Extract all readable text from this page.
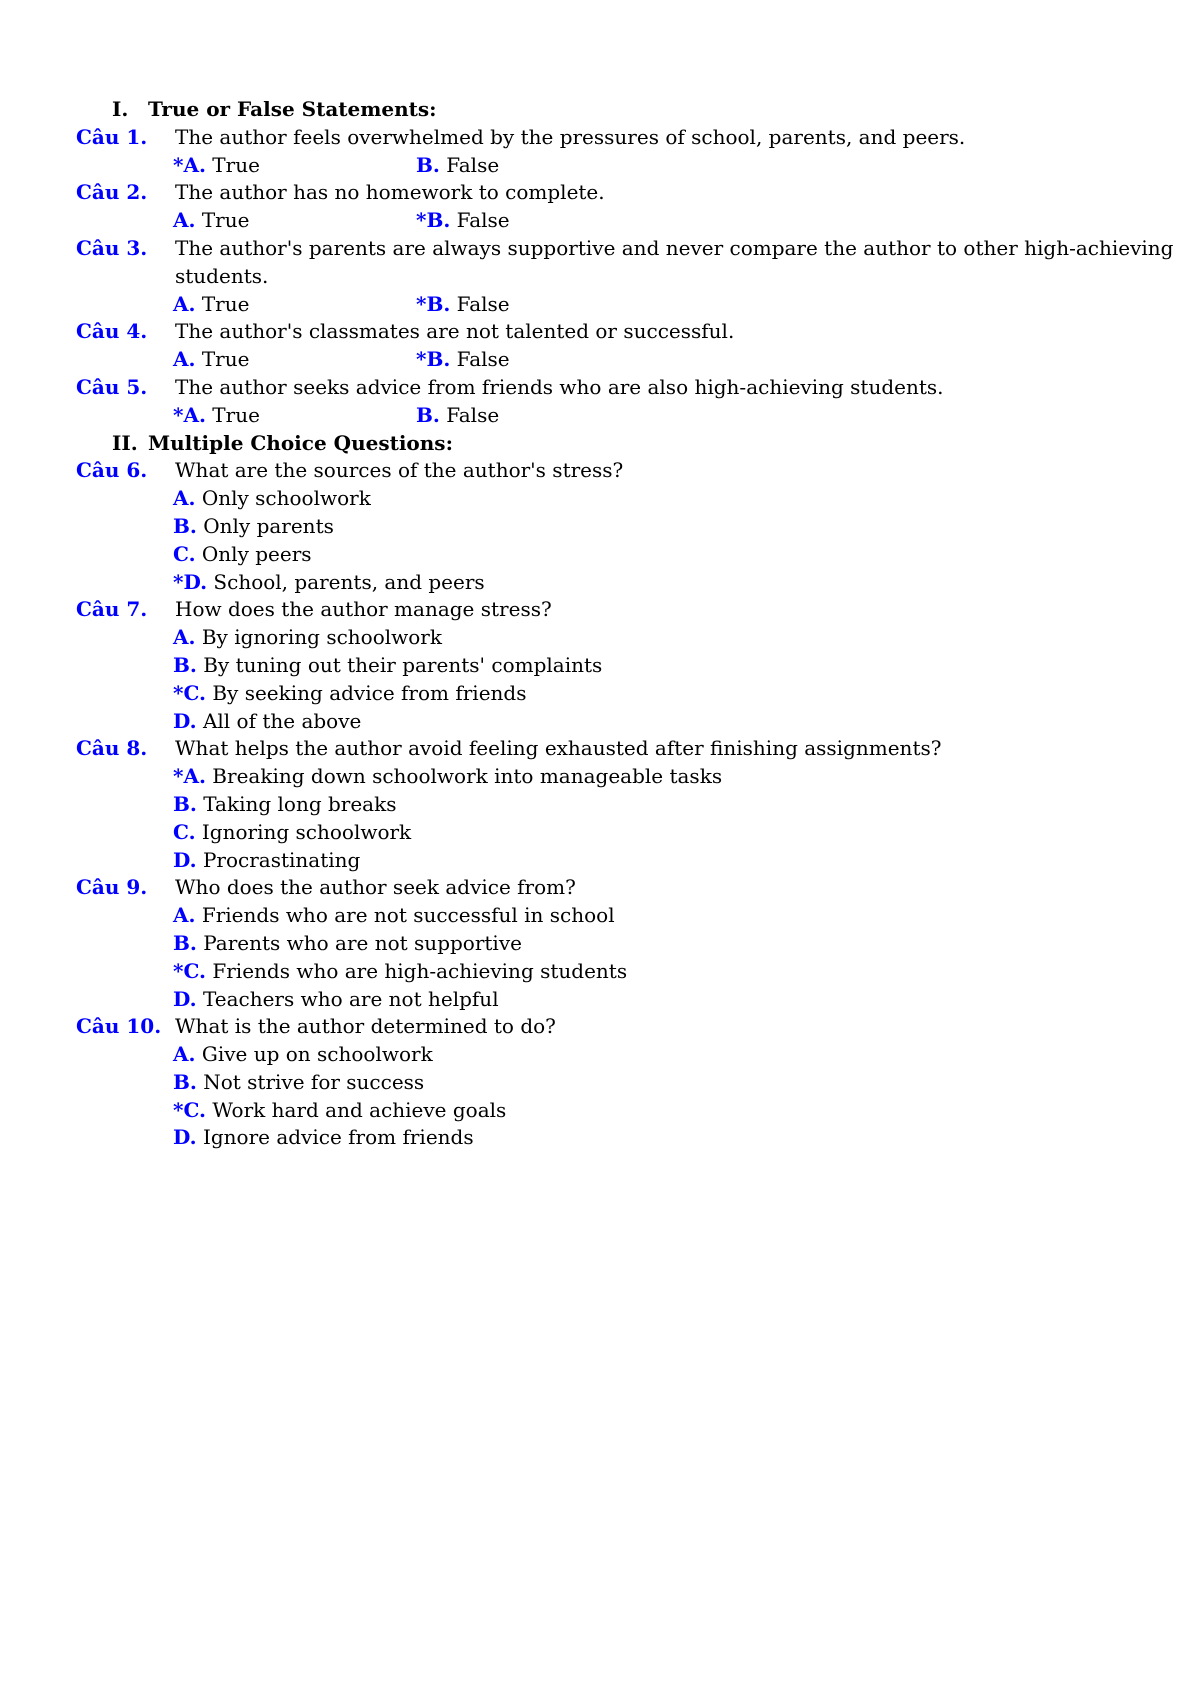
I. True or False Statements:
Câu 1. The author feels overwhelmed by the pressures of school, parents, and peers.
*A. True	B. False
Câu 2. The author has no homework to complete.
A. True	*B. False
Câu 3. The author's parents are always supportive and never compare the author to other high-achieving
students.
A. True	*B. False
Câu 4. The author's classmates are not talented or successful.
A. True	*B. False
Câu 5. The author seeks advice from friends who are also high-achieving students.
*A. True	B. False
II. Multiple Choice Questions:
Câu 6. What are the sources of the author's stress?
A. Only schoolwork
B. Only parents
C. Only peers
*D. School, parents, and peers
Câu 7. How does the author manage stress?
A. By ignoring schoolwork
B. By tuning out their parents' complaints
*C. By seeking advice from friends
D. All of the above
Câu 8. What helps the author avoid feeling exhausted after finishing assignments?
*A. Breaking down schoolwork into manageable tasks
B. Taking long breaks
C. Ignoring schoolwork
D. Procrastinating
Câu 9. Who does the author seek advice from?
A. Friends who are not successful in school
B. Parents who are not supportive
*C. Friends who are high-achieving students
D. Teachers who are not helpful
Câu 10. What is the author determined to do?
A. Give up on schoolwork
B. Not strive for success
*C. Work hard and achieve goals
D. Ignore advice from friends
